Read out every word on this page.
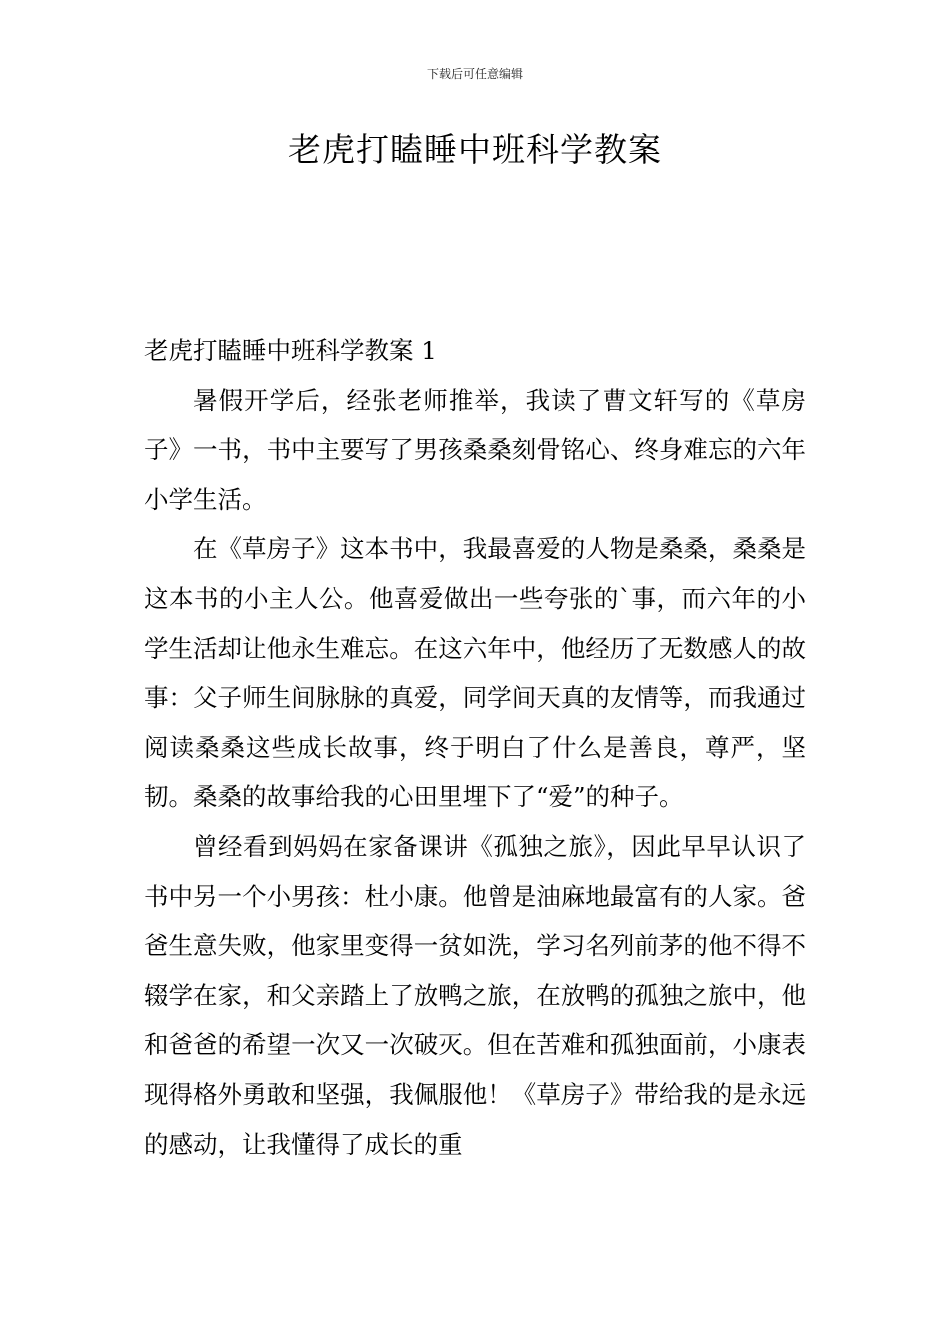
下载后可任意编辑
老虎打瞌睡中班科学教案

老虎打瞌睡中班科学教案 1

暑假开学后，经张老师推举，我读了曹文轩写的《草房子》一书，书中主要写了男孩桑桑刻骨铭心、终身难忘的六年小学生活。

在《草房子》这本书中，我最喜爱的人物是桑桑，桑桑是这本书的小主人公。他喜爱做出一些夸张的`事，而六年的小学生活却让他永生难忘。在这六年中，他经历了无数感人的故事：父子师生间脉脉的真爱，同学间天真的友情等，而我通过阅读桑桑这些成长故事，终于明白了什么是善良，尊严，坚韧。桑桑的故事给我的心田里埋下了“爱”的种子。

曾经看到妈妈在家备课讲《孤独之旅》，因此早早认识了书中另一个小男孩：杜小康。他曾是油麻地最富有的人家。爸爸生意失败，他家里变得一贫如洗，学习名列前茅的他不得不辍学在家，和父亲踏上了放鸭之旅，在放鸭的孤独之旅中，他和爸爸的希望一次又一次破灭。但在苦难和孤独面前，小康表现得格外勇敢和坚强，我佩服他！《草房子》带给我的是永远的感动，让我懂得了成长的重
